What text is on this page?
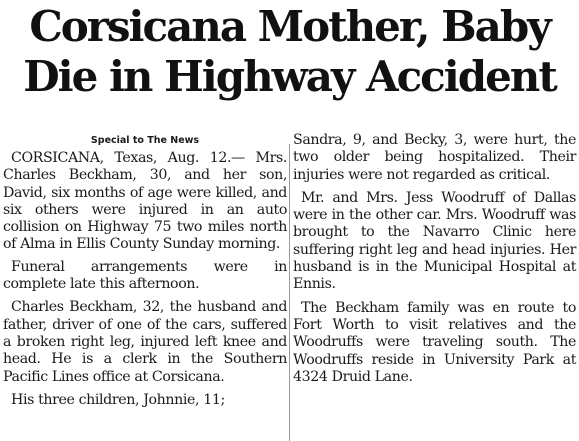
Corsicana Mother, Baby
Die in Highway Accident
Special to The News

CORSICANA, Texas, Aug. 12.— Mrs. Charles Beckham, 30, and her son, David, six months of age were killed, and six others were injured in an auto collision on Highway 75 two miles north of Alma in Ellis County Sunday morning.

Funeral arrangements were in complete late this afternoon.

Charles Beckham, 32, the husband and father, driver of one of the cars, suffered a broken right leg, injured left knee and head. He is a clerk in the Southern Pacific Lines office at Corsicana.

His three children, Johnnie, 11;

Sandra, 9, and Becky, 3, were hurt, the two older being hospitalized. Their injuries were not regarded as critical.

Mr. and Mrs. Jess Woodruff of Dallas were in the other car. Mrs. Woodruff was brought to the Navarro Clinic here suffering right leg and head injuries. Her husband is in the Municipal Hospital at Ennis.

The Beckham family was en route to Fort Worth to visit relatives and the Woodruffs were traveling south. The Woodruffs reside in University Park at 4324 Druid Lane.
